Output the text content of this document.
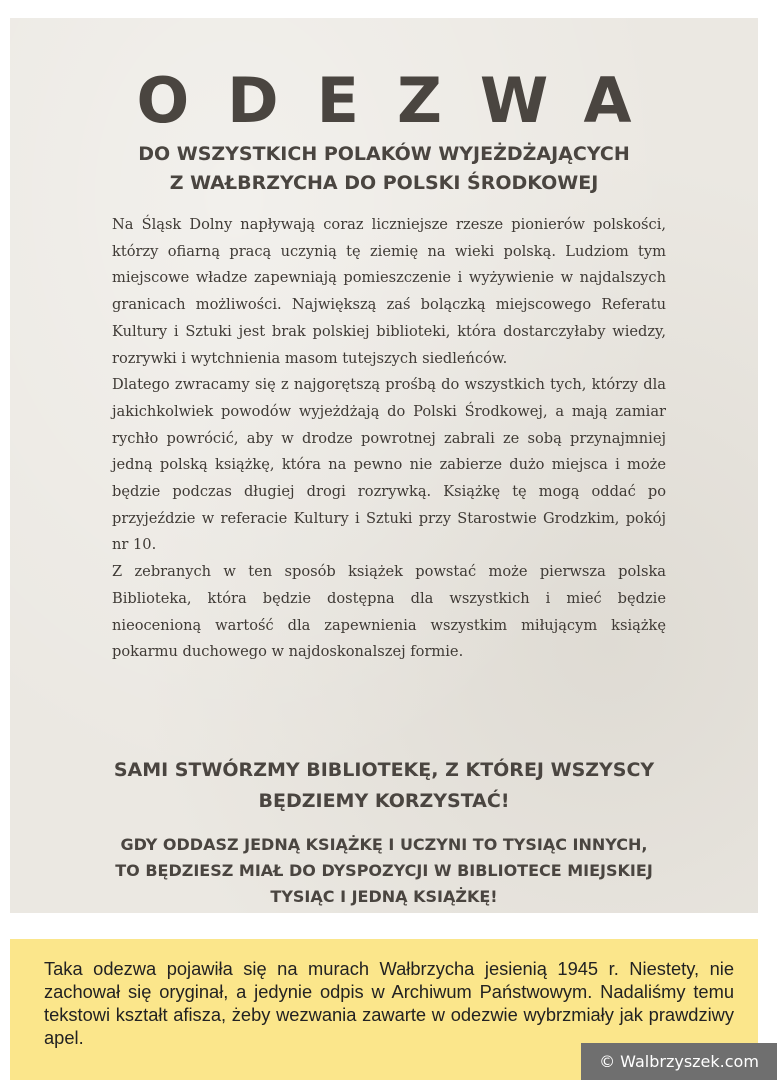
ODEZWA
DO WSZYSTKICH POLAKÓW WYJEŻDŻAJĄCYCH
Z WAŁBRZYCHA DO POLSKI ŚRODKOWEJ

Na Śląsk Dolny napływają coraz liczniejsze rzesze pionierów polskości, którzy ofiarną pracą uczynią tę ziemię na wieki polską. Ludziom tym miejscowe władze zapewniają pomieszczenie i wyżywienie w najdalszych granicach możliwości. Największą zaś bolączką miejscowego Referatu Kultury i Sztuki jest brak polskiej biblioteki, która dostarczyłaby wiedzy, rozrywki i wytchnienia masom tutejszych siedleńców.

Dlatego zwracamy się z najgorętszą prośbą do wszystkich tych, którzy dla jakichkolwiek powodów wyjeżdżają do Polski Środkowej, a mają zamiar rychło powrócić, aby w drodze powrotnej zabrali ze sobą przynajmniej jedną polską książkę, która na pewno nie zabierze dużo miejsca i może będzie podczas długiej drogi rozrywką. Książkę tę mogą oddać po przyjeździe w referacie Kultury i Sztuki przy Starostwie Grodzkim, pokój nr 10.

Z zebranych w ten sposób książek powstać może pierwsza polska Biblioteka, która będzie dostępna dla wszystkich i mieć będzie nieocenioną wartość dla zapewnienia wszystkim miłującym książkę pokarmu duchowego w najdoskonalszej formie.

SAMI STWÓRZMY BIBLIOTEKĘ, Z KTÓREJ WSZYSCY
BĘDZIEMY KORZYSTAĆ!
GDY ODDASZ JEDNĄ KSIĄŻKĘ I UCZYNI TO TYSIĄC INNYCH,
TO BĘDZIESZ MIAŁ DO DYSPOZYCJI W BIBLIOTECE MIEJSKIEJ
TYSIĄC I JEDNĄ KSIĄŻKĘ!
Taka odezwa pojawiła się na murach Wałbrzycha jesienią 1945 r. Niestety, nie zachował się oryginał, a jedynie odpis w Archiwum Państwowym. Nadaliśmy temu tekstowi kształt afisza, żeby wezwania zawarte w odezwie wybrzmiały jak prawdziwy apel.
© Walbrzyszek.com
